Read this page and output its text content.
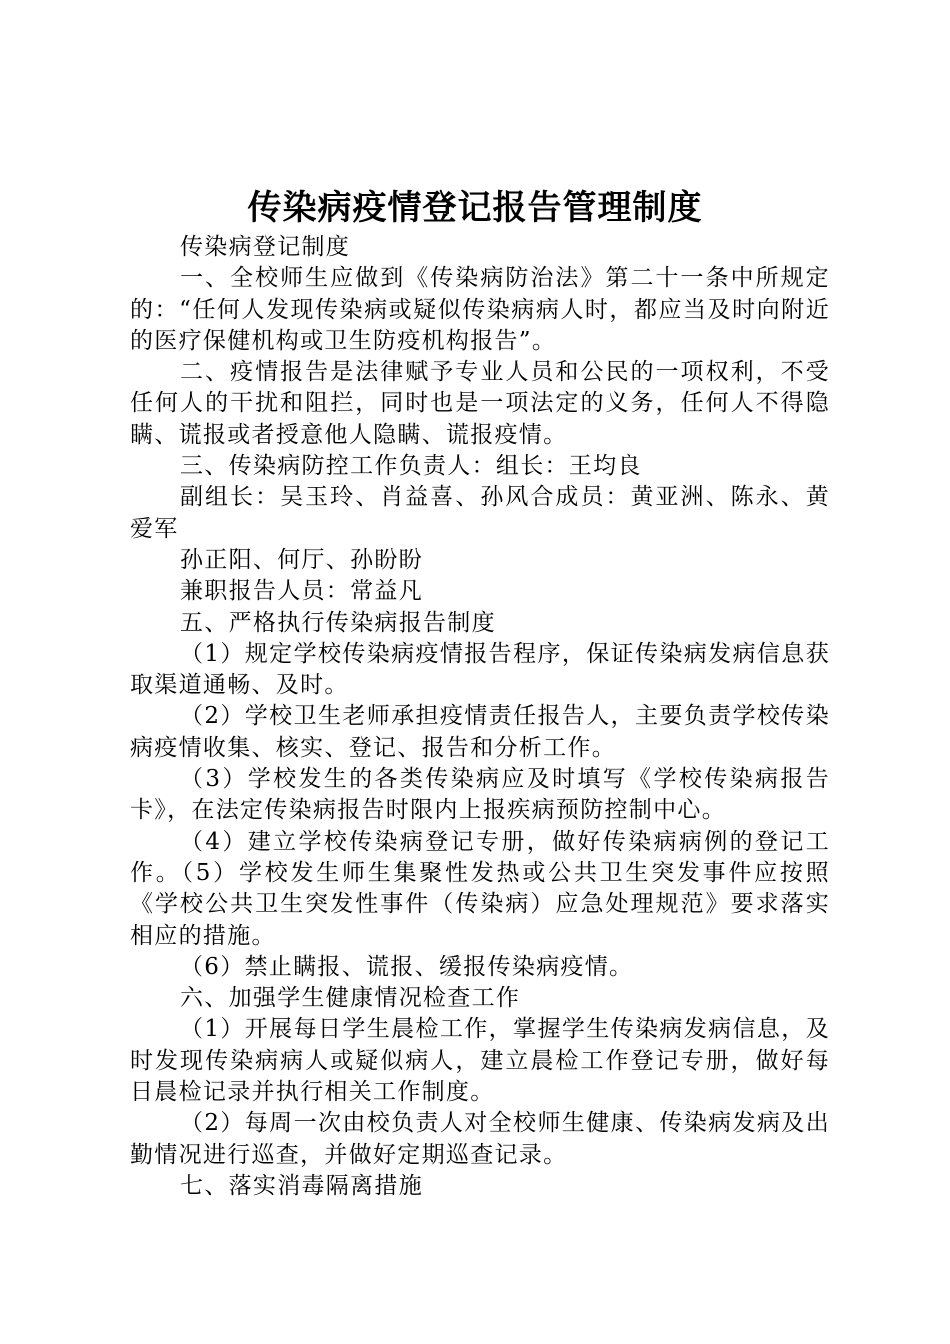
传染病疫情登记报告管理制度

传染病登记制度

一、全校师生应做到《传染病防治法》第二十一条中所规定的：“任何人发现传染病或疑似传染病病人时，都应当及时向附近的医疗保健机构或卫生防疫机构报告”。

二、疫情报告是法律赋予专业人员和公民的一项权利，不受任何人的干扰和阻拦，同时也是一项法定的义务，任何人不得隐瞒、谎报或者授意他人隐瞒、谎报疫情。

三、传染病防控工作负责人：组长：王均良

副组长：吴玉玲、肖益喜、孙风合成员：黄亚洲、陈永、黄爱军

孙正阳、何厅、孙盼盼

兼职报告人员：常益凡

五、严格执行传染病报告制度

（1）规定学校传染病疫情报告程序，保证传染病发病信息获取渠道通畅、及时。

（2）学校卫生老师承担疫情责任报告人，主要负责学校传染病疫情收集、核实、登记、报告和分析工作。

（3）学校发生的各类传染病应及时填写《学校传染病报告卡》，在法定传染病报告时限内上报疾病预防控制中心。

（4）建立学校传染病登记专册，做好传染病病例的登记工作。（5）学校发生师生集聚性发热或公共卫生突发事件应按照《学校公共卫生突发性事件（传染病）应急处理规范》要求落实相应的措施。

（6）禁止瞒报、谎报、缓报传染病疫情。

六、加强学生健康情况检查工作

（1）开展每日学生晨检工作，掌握学生传染病发病信息，及时发现传染病病人或疑似病人，建立晨检工作登记专册，做好每日晨检记录并执行相关工作制度。

（2）每周一次由校负责人对全校师生健康、传染病发病及出勤情况进行巡查，并做好定期巡查记录。

七、落实消毒隔离措施
